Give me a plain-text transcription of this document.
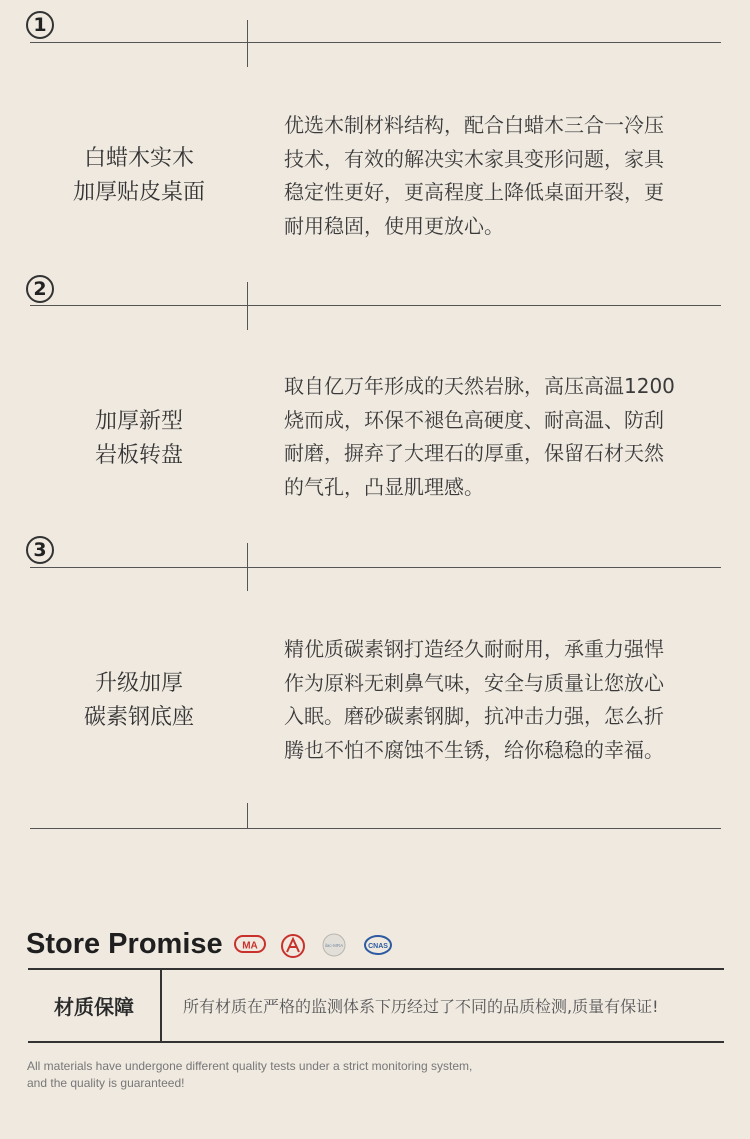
1
白蜡木实木
加厚贴皮桌面
优选木制材料结构，配合白蜡木三合一冷压
技术，有效的解决实木家具变形问题，家具
稳定性更好，更高程度上降低桌面开裂，更
耐用稳固，使用更放心。
2
加厚新型
岩板转盘
取自亿万年形成的天然岩脉，高压高温1200
烧而成，环保不褪色高硬度、耐高温、防刮
耐磨，摒弃了大理石的厚重，保留石材天然
的气孔，凸显肌理感。
3
升级加厚
碳素钢底座
精优质碳素钢打造经久耐耐用，承重力强悍
作为原料无刺鼻气味，安全与质量让您放心
入眠。磨砂碳素钢脚，抗冲击力强，怎么折
腾也不怕不腐蚀不生锈，给你稳稳的幸福。
Store Promise MA	ilac-MRA	CNAS
材质保障	所有材质在严格的监测体系下历经过了不同的品质检测,质量有保证!
All materials have undergone different quality tests under a strict monitoring system,
and the quality is guaranteed!
